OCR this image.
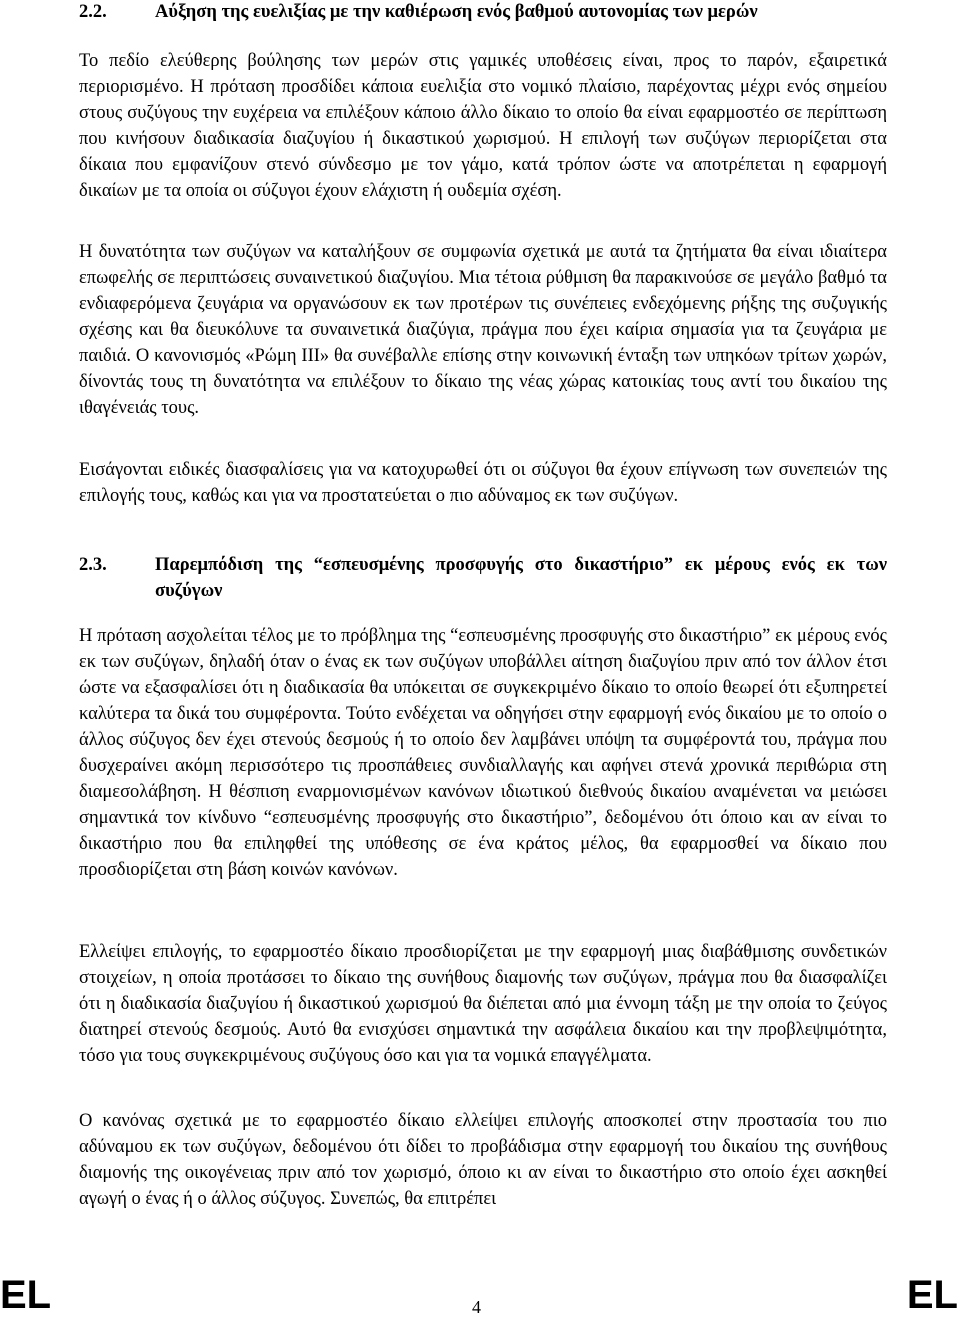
2.2.	Αύξηση της ευελιξίας με την καθιέρωση ενός βαθμού αυτονομίας των μερών

Το πεδίο ελεύθερης βούλησης των μερών στις γαμικές υποθέσεις είναι, προς το παρόν, εξαιρετικά περιορισμένο. Η πρόταση προσδίδει κάποια ευελιξία στο νομικό πλαίσιο, παρέχοντας μέχρι ενός σημείου στους συζύγους την ευχέρεια να επιλέξουν κάποιο άλλο δίκαιο το οποίο θα είναι εφαρμοστέο σε περίπτωση που κινήσουν διαδικασία διαζυγίου ή δικαστικού χωρισμού. Η επιλογή των συζύγων περιορίζεται στα δίκαια που εμφανίζουν στενό σύνδεσμο με τον γάμο, κατά τρόπον ώστε να αποτρέπεται η εφαρμογή δικαίων με τα οποία οι σύζυγοι έχουν ελάχιστη ή ουδεμία σχέση.

Η δυνατότητα των συζύγων να καταλήξουν σε συμφωνία σχετικά με αυτά τα ζητήματα θα είναι ιδιαίτερα επωφελής σε περιπτώσεις συναινετικού διαζυγίου. Μια τέτοια ρύθμιση θα παρακινούσε σε μεγάλο βαθμό τα ενδιαφερόμενα ζευγάρια να οργανώσουν εκ των προτέρων τις συνέπειες ενδεχόμενης ρήξης της συζυγικής σχέσης και θα διευκόλυνε τα συναινετικά διαζύγια, πράγμα που έχει καίρια σημασία για τα ζευγάρια με παιδιά. Ο κανονισμός «Ρώμη ΙΙΙ» θα συνέβαλλε επίσης στην κοινωνική ένταξη των υπηκόων τρίτων χωρών, δίνοντάς τους τη δυνατότητα να επιλέξουν το δίκαιο της νέας χώρας κατοικίας τους αντί του δικαίου της ιθαγένειάς τους.

Εισάγονται ειδικές διασφαλίσεις για να κατοχυρωθεί ότι οι σύζυγοι θα έχουν επίγνωση των συνεπειών της επιλογής τους, καθώς και για να προστατεύεται ο πιο αδύναμος εκ των συζύγων.

2.3.	Παρεμπόδιση της “εσπευσμένης προσφυγής στο δικαστήριο” εκ μέρους ενός εκ των συζύγων

Η πρόταση ασχολείται τέλος με το πρόβλημα της “εσπευσμένης προσφυγής στο δικαστήριο” εκ μέρους ενός εκ των συζύγων, δηλαδή όταν ο ένας εκ των συζύγων υποβάλλει αίτηση διαζυγίου πριν από τον άλλον έτσι ώστε να εξασφαλίσει ότι η διαδικασία θα υπόκειται σε συγκεκριμένο δίκαιο το οποίο θεωρεί ότι εξυπηρετεί καλύτερα τα δικά του συμφέροντα. Τούτο ενδέχεται να οδηγήσει στην εφαρμογή ενός δικαίου με το οποίο ο άλλος σύζυγος δεν έχει στενούς δεσμούς ή το οποίο δεν λαμβάνει υπόψη τα συμφέροντά του, πράγμα που δυσχεραίνει ακόμη περισσότερο τις προσπάθειες συνδιαλλαγής και αφήνει στενά χρονικά περιθώρια στη διαμεσολάβηση. Η θέσπιση εναρμονισμένων κανόνων ιδιωτικού διεθνούς δικαίου αναμένεται να μειώσει σημαντικά τον κίνδυνο “εσπευσμένης προσφυγής στο δικαστήριο”, δεδομένου ότι όποιο και αν είναι το δικαστήριο που θα επιληφθεί της υπόθεσης σε ένα κράτος μέλος, θα εφαρμοσθεί να δίκαιο που προσδιορίζεται στη βάση κοινών κανόνων.

Ελλείψει επιλογής, το εφαρμοστέο δίκαιο προσδιορίζεται με την εφαρμογή μιας διαβάθμισης συνδετικών στοιχείων, η οποία προτάσσει το δίκαιο της συνήθους διαμονής των συζύγων, πράγμα που θα διασφαλίζει ότι η διαδικασία διαζυγίου ή δικαστικού χωρισμού θα διέπεται από μια έννομη τάξη με την οποία το ζεύγος διατηρεί στενούς δεσμούς. Αυτό θα ενισχύσει σημαντικά την ασφάλεια δικαίου και την προβλεψιμότητα, τόσο για τους συγκεκριμένους συζύγους όσο και για τα νομικά επαγγέλματα.

Ο κανόνας σχετικά με το εφαρμοστέο δίκαιο ελλείψει επιλογής αποσκοπεί στην προστασία του πιο αδύναμου εκ των συζύγων, δεδομένου ότι δίδει το προβάδισμα στην εφαρμογή του δικαίου της συνήθους διαμονής της οικογένειας πριν από τον χωρισμό, όποιο κι αν είναι το δικαστήριο στο οποίο έχει ασκηθεί αγωγή ο ένας ή ο άλλος σύζυγος. Συνεπώς, θα επιτρέπει

EL	4	EL
